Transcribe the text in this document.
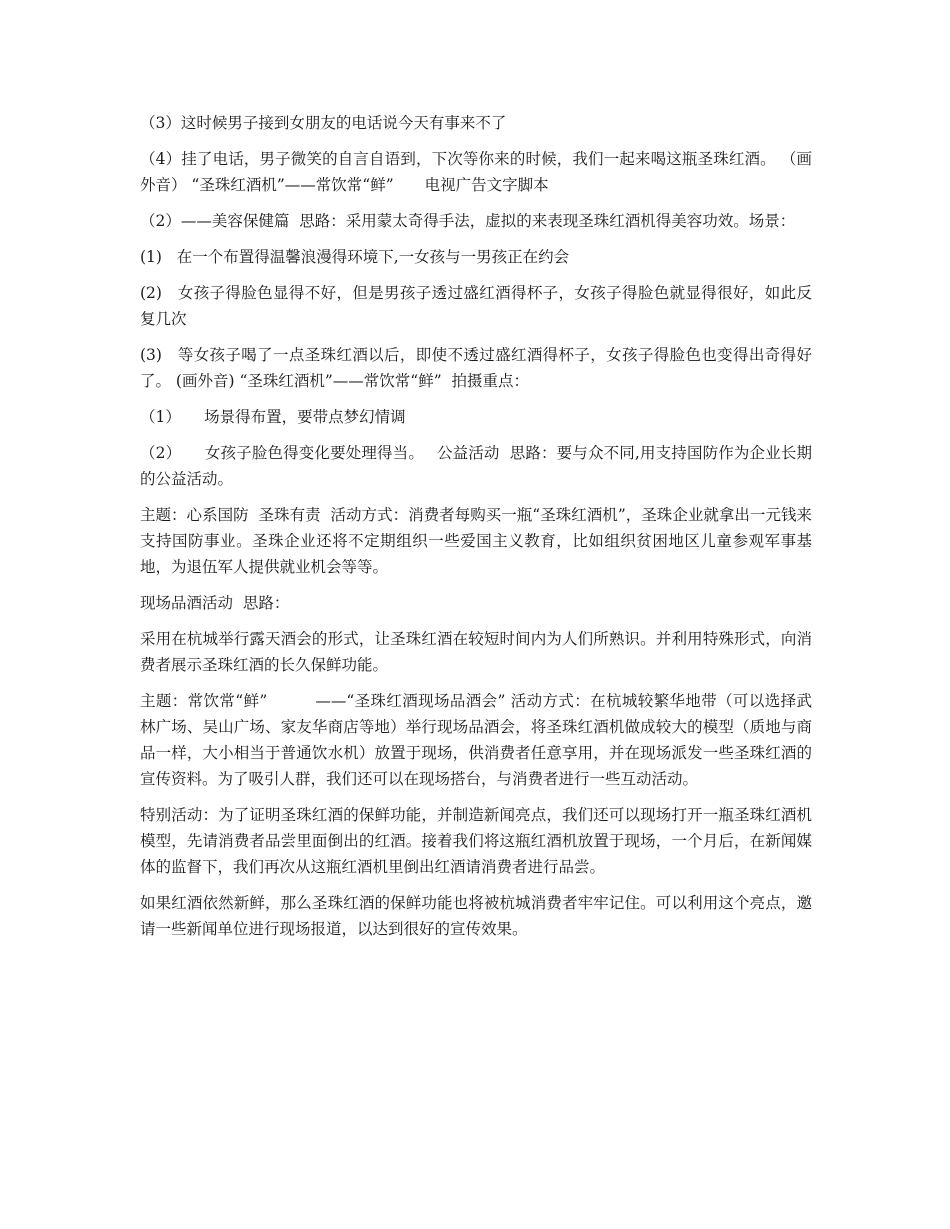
（3）这时候男子接到女朋友的电话说今天有事来不了

（4）挂了电话，男子微笑的自言自语到，下次等你来的时候，我们一起来喝这瓶圣珠红酒。 （画外音） “圣珠红酒机”——常饮常“鲜”　　电视广告文字脚本

（2）——美容保健篇  思路：采用蒙太奇得手法，虚拟的来表现圣珠红酒机得美容功效。场景：

(1)   在一个布置得温馨浪漫得环境下,一女孩与一男孩正在约会

(2)   女孩子得脸色显得不好，但是男孩子透过盛红酒得杯子，女孩子得脸色就显得很好，如此反复几次

(3)   等女孩子喝了一点圣珠红酒以后，即使不透过盛红酒得杯子，女孩子得脸色也变得出奇得好了。 (画外音) “圣珠红酒机”——常饮常“鲜”  拍摄重点：

（1）　　场景得布置，要带点梦幻情调

（2）　　女孩子脸色得变化要处理得当。　 公益活动  思路：要与众不同,用支持国防作为企业长期的公益活动。

主题：心系国防  圣珠有责  活动方式：消费者每购买一瓶“圣珠红酒机”，圣珠企业就拿出一元钱来支持国防事业。圣珠企业还将不定期组织一些爱国主义教育，比如组织贫困地区儿童参观军事基地，为退伍军人提供就业机会等等。

现场品酒活动  思路：

采用在杭城举行露天酒会的形式，让圣珠红酒在较短时间内为人们所熟识。并利用特殊形式，向消费者展示圣珠红酒的长久保鲜功能。

主题：常饮常“鲜”　　　——“圣珠红酒现场品酒会” 活动方式：在杭城较繁华地带（可以选择武林广场、吴山广场、家友华商店等地）举行现场品酒会，将圣珠红酒机做成较大的模型（质地与商品一样，大小相当于普通饮水机）放置于现场，供消费者任意享用，并在现场派发一些圣珠红酒的宣传资料。为了吸引人群，我们还可以在现场搭台，与消费者进行一些互动活动。

特别活动：为了证明圣珠红酒的保鲜功能，并制造新闻亮点，我们还可以现场打开一瓶圣珠红酒机模型，先请消费者品尝里面倒出的红酒。接着我们将这瓶红酒机放置于现场，一个月后，在新闻媒体的监督下，我们再次从这瓶红酒机里倒出红酒请消费者进行品尝。

如果红酒依然新鲜，那么圣珠红酒的保鲜功能也将被杭城消费者牢牢记住。可以利用这个亮点，邀请一些新闻单位进行现场报道，以达到很好的宣传效果。
